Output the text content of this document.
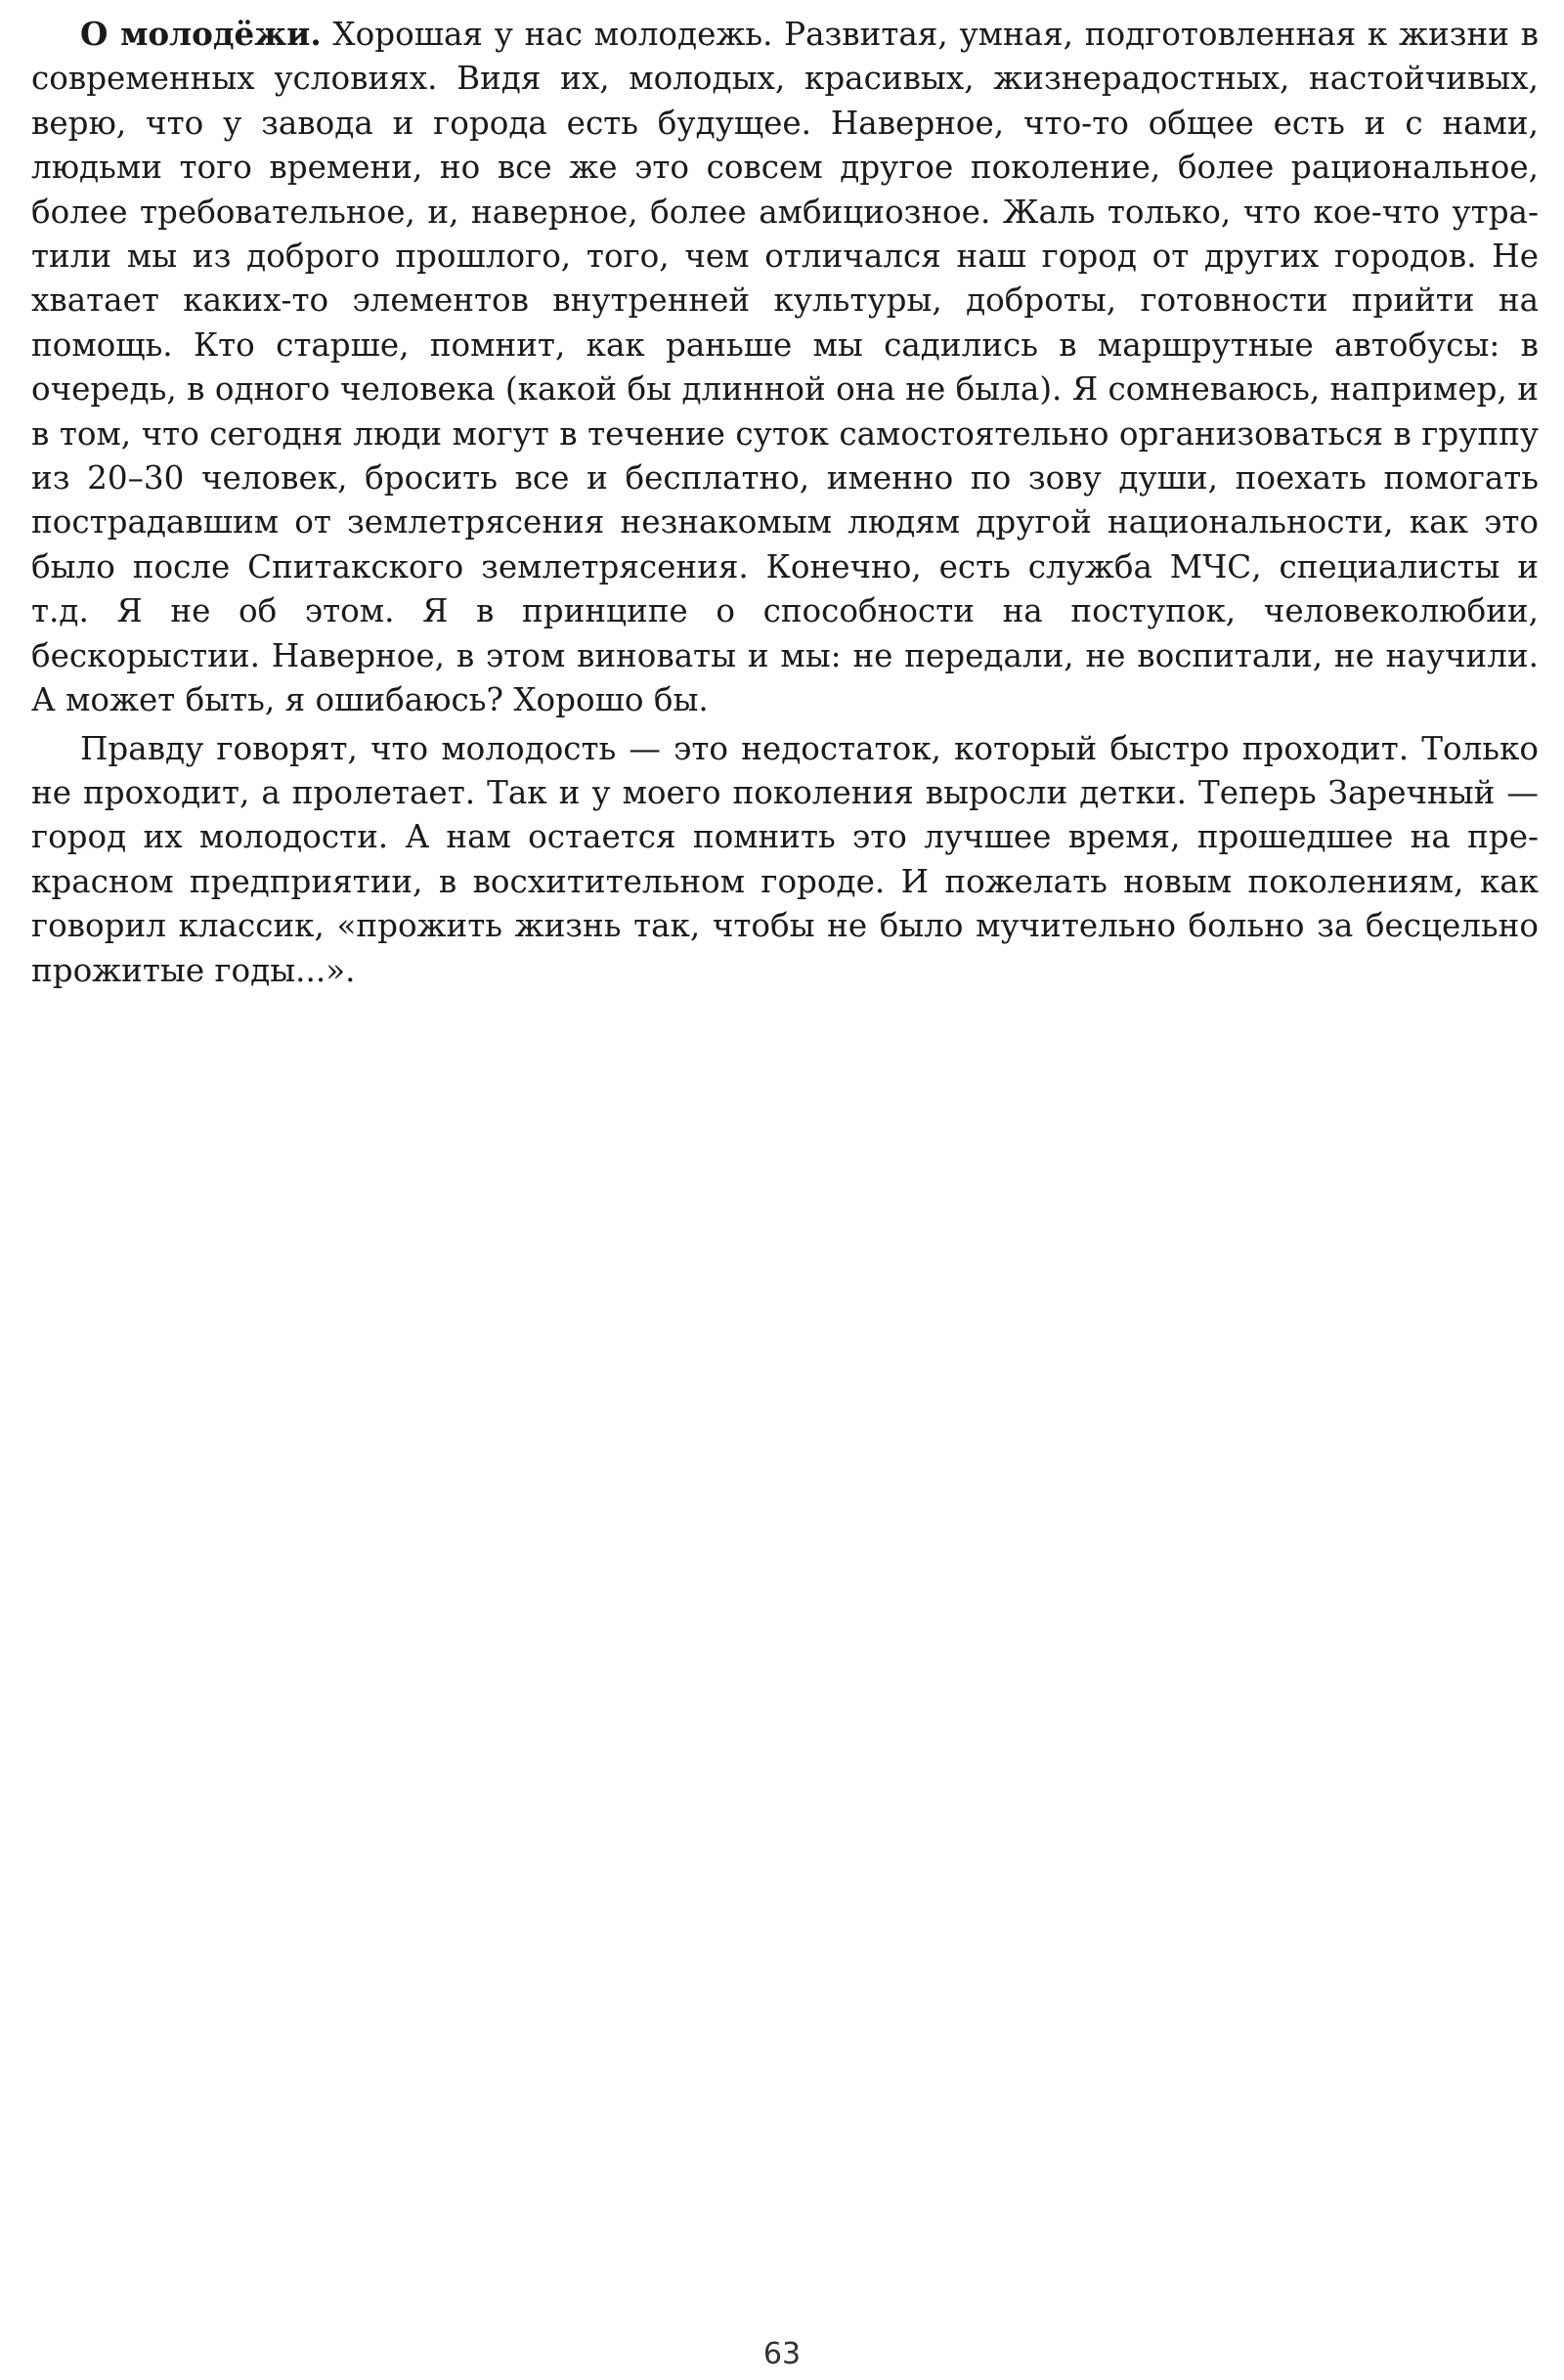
О молодёжи. Хорошая у нас молодежь. Развитая, умная, подготовленная к жизни в современных условиях. Видя их, молодых, красивых, жизнерадостных, настойчивых, верю, что у завода и города есть будущее. Наверное, что-то общее есть и с нами, людьми того времени, но все же это совсем другое поколение, более рациональное, более требовательное, и, наверное, более амбициозное. Жаль только, что кое-что утратили мы из доброго прошлого, того, чем отличался наш город от других городов. Не хватает каких-то элементов внутренней культуры, доброты, готовности прийти на помощь. Кто старше, помнит, как раньше мы садились в маршрутные автобусы: в очередь, в одного человека (какой бы длинной она не была). Я сомневаюсь, например, и в том, что сегодня люди могут в течение суток самостоятельно организоваться в группу из 20–30 человек, бросить все и бесплатно, именно по зову души, поехать помогать пострадавшим от землетрясения незнакомым людям другой национальности, как это было после Спитакского землетрясения. Конечно, есть служба МЧС, специалисты и т.д. Я не об этом. Я в принципе о способности на поступок, человеколюбии, бескорыстии. Наверное, в этом виноваты и мы: не передали, не воспитали, не научили. А может быть, я ошибаюсь? Хорошо бы.

Правду говорят, что молодость — это недостаток, который быстро проходит. Только не проходит, а пролетает. Так и у моего поколения выросли детки. Теперь Заречный — город их молодости. А нам остается помнить это лучшее время, прошедшее на прекрасном предприятии, в восхитительном городе. И пожелать новым поколениям, как говорил классик, «прожить жизнь так, чтобы не было мучительно больно за бесцельно прожитые годы...».

63
